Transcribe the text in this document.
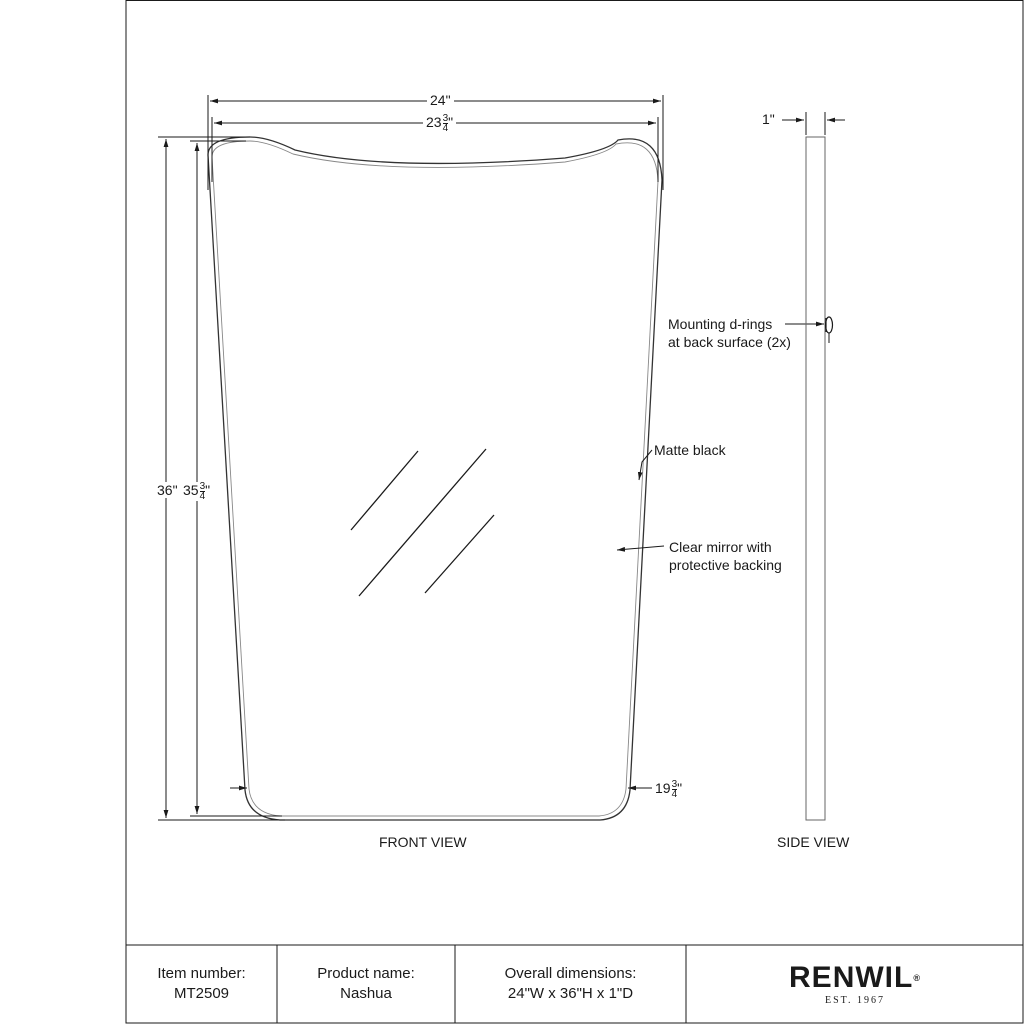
24"
$23 \frac{3}{4}$ "
36" $35 \frac{3}{4}$ "
$19 \frac{3}{4}$ "
1"
Mounting d-rings
at back surface (2x)
Matte black
Clear mirror with
protective backing
FRONT VIEW	SIDE VIEW
Item number:
MT2509
Product name:
Nashua
Overall dimensions:
24"W x 36"H x 1"D	RENWIL®
EST. 1967
